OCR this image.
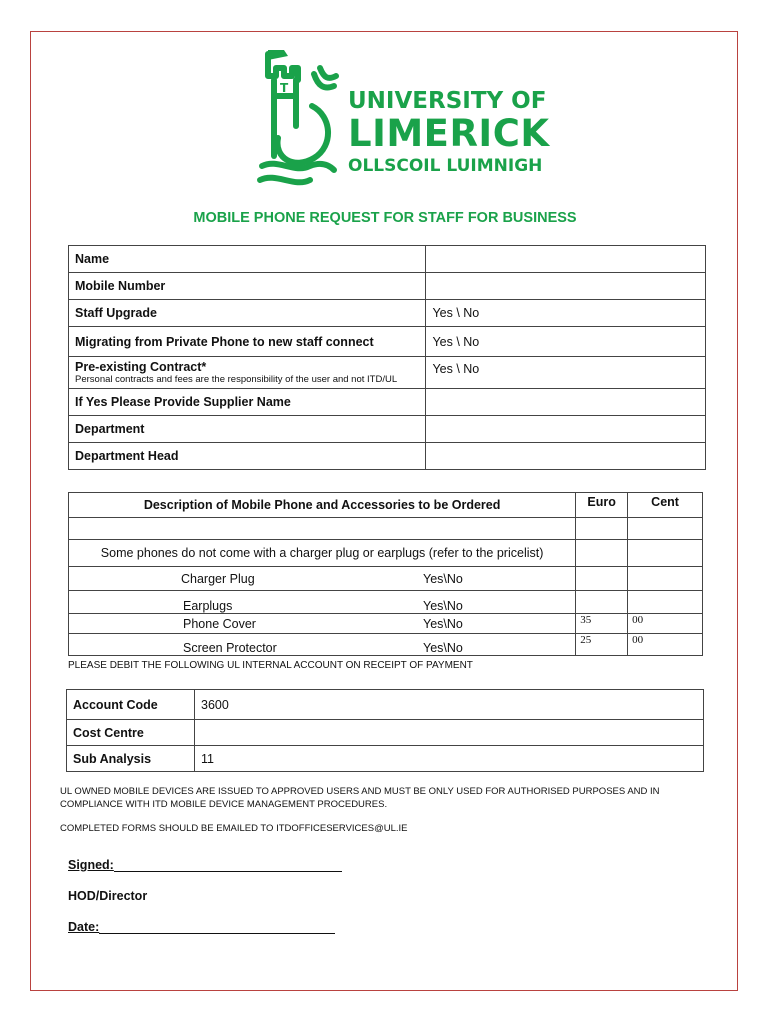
T	UNIVERSITY OF
LIMERICK
OLLSCOIL LUIMNIGH
MOBILE PHONE REQUEST FOR STAFF FOR BUSINESS
Name	
Mobile Number	
Staff Upgrade	Yes \ No
Migrating from Private Phone to new staff connect	Yes \ No
Pre-existing Contract*
Personal contracts and fees are the responsibility of the user and not ITD/UL	Yes \ No
If Yes Please Provide Supplier Name	
Department	
Department Head	
Description of Mobile Phone and Accessories to be Ordered	Euro	Cent

Some phones do not come with a charger plug or earplugs (refer to the pricelist)		
Charger Plug Yes\No		
Earplugs Yes\No		
Phone Cover Yes\No	35	00
Screen Protector Yes\No	25	00
PLEASE DEBIT THE FOLLOWING UL INTERNAL ACCOUNT ON RECEIPT OF PAYMENT
Account Code	3600
Cost Centre	
Sub Analysis	11
UL OWNED MOBILE DEVICES ARE ISSUED TO APPROVED USERS AND MUST BE ONLY USED FOR AUTHORISED PURPOSES AND IN COMPLIANCE WITH ITD MOBILE DEVICE MANAGEMENT PROCEDURES.
COMPLETED FORMS SHOULD BE EMAILED TO ITDOFFICESERVICES@UL.IE
Signed:
HOD/Director
Date:
